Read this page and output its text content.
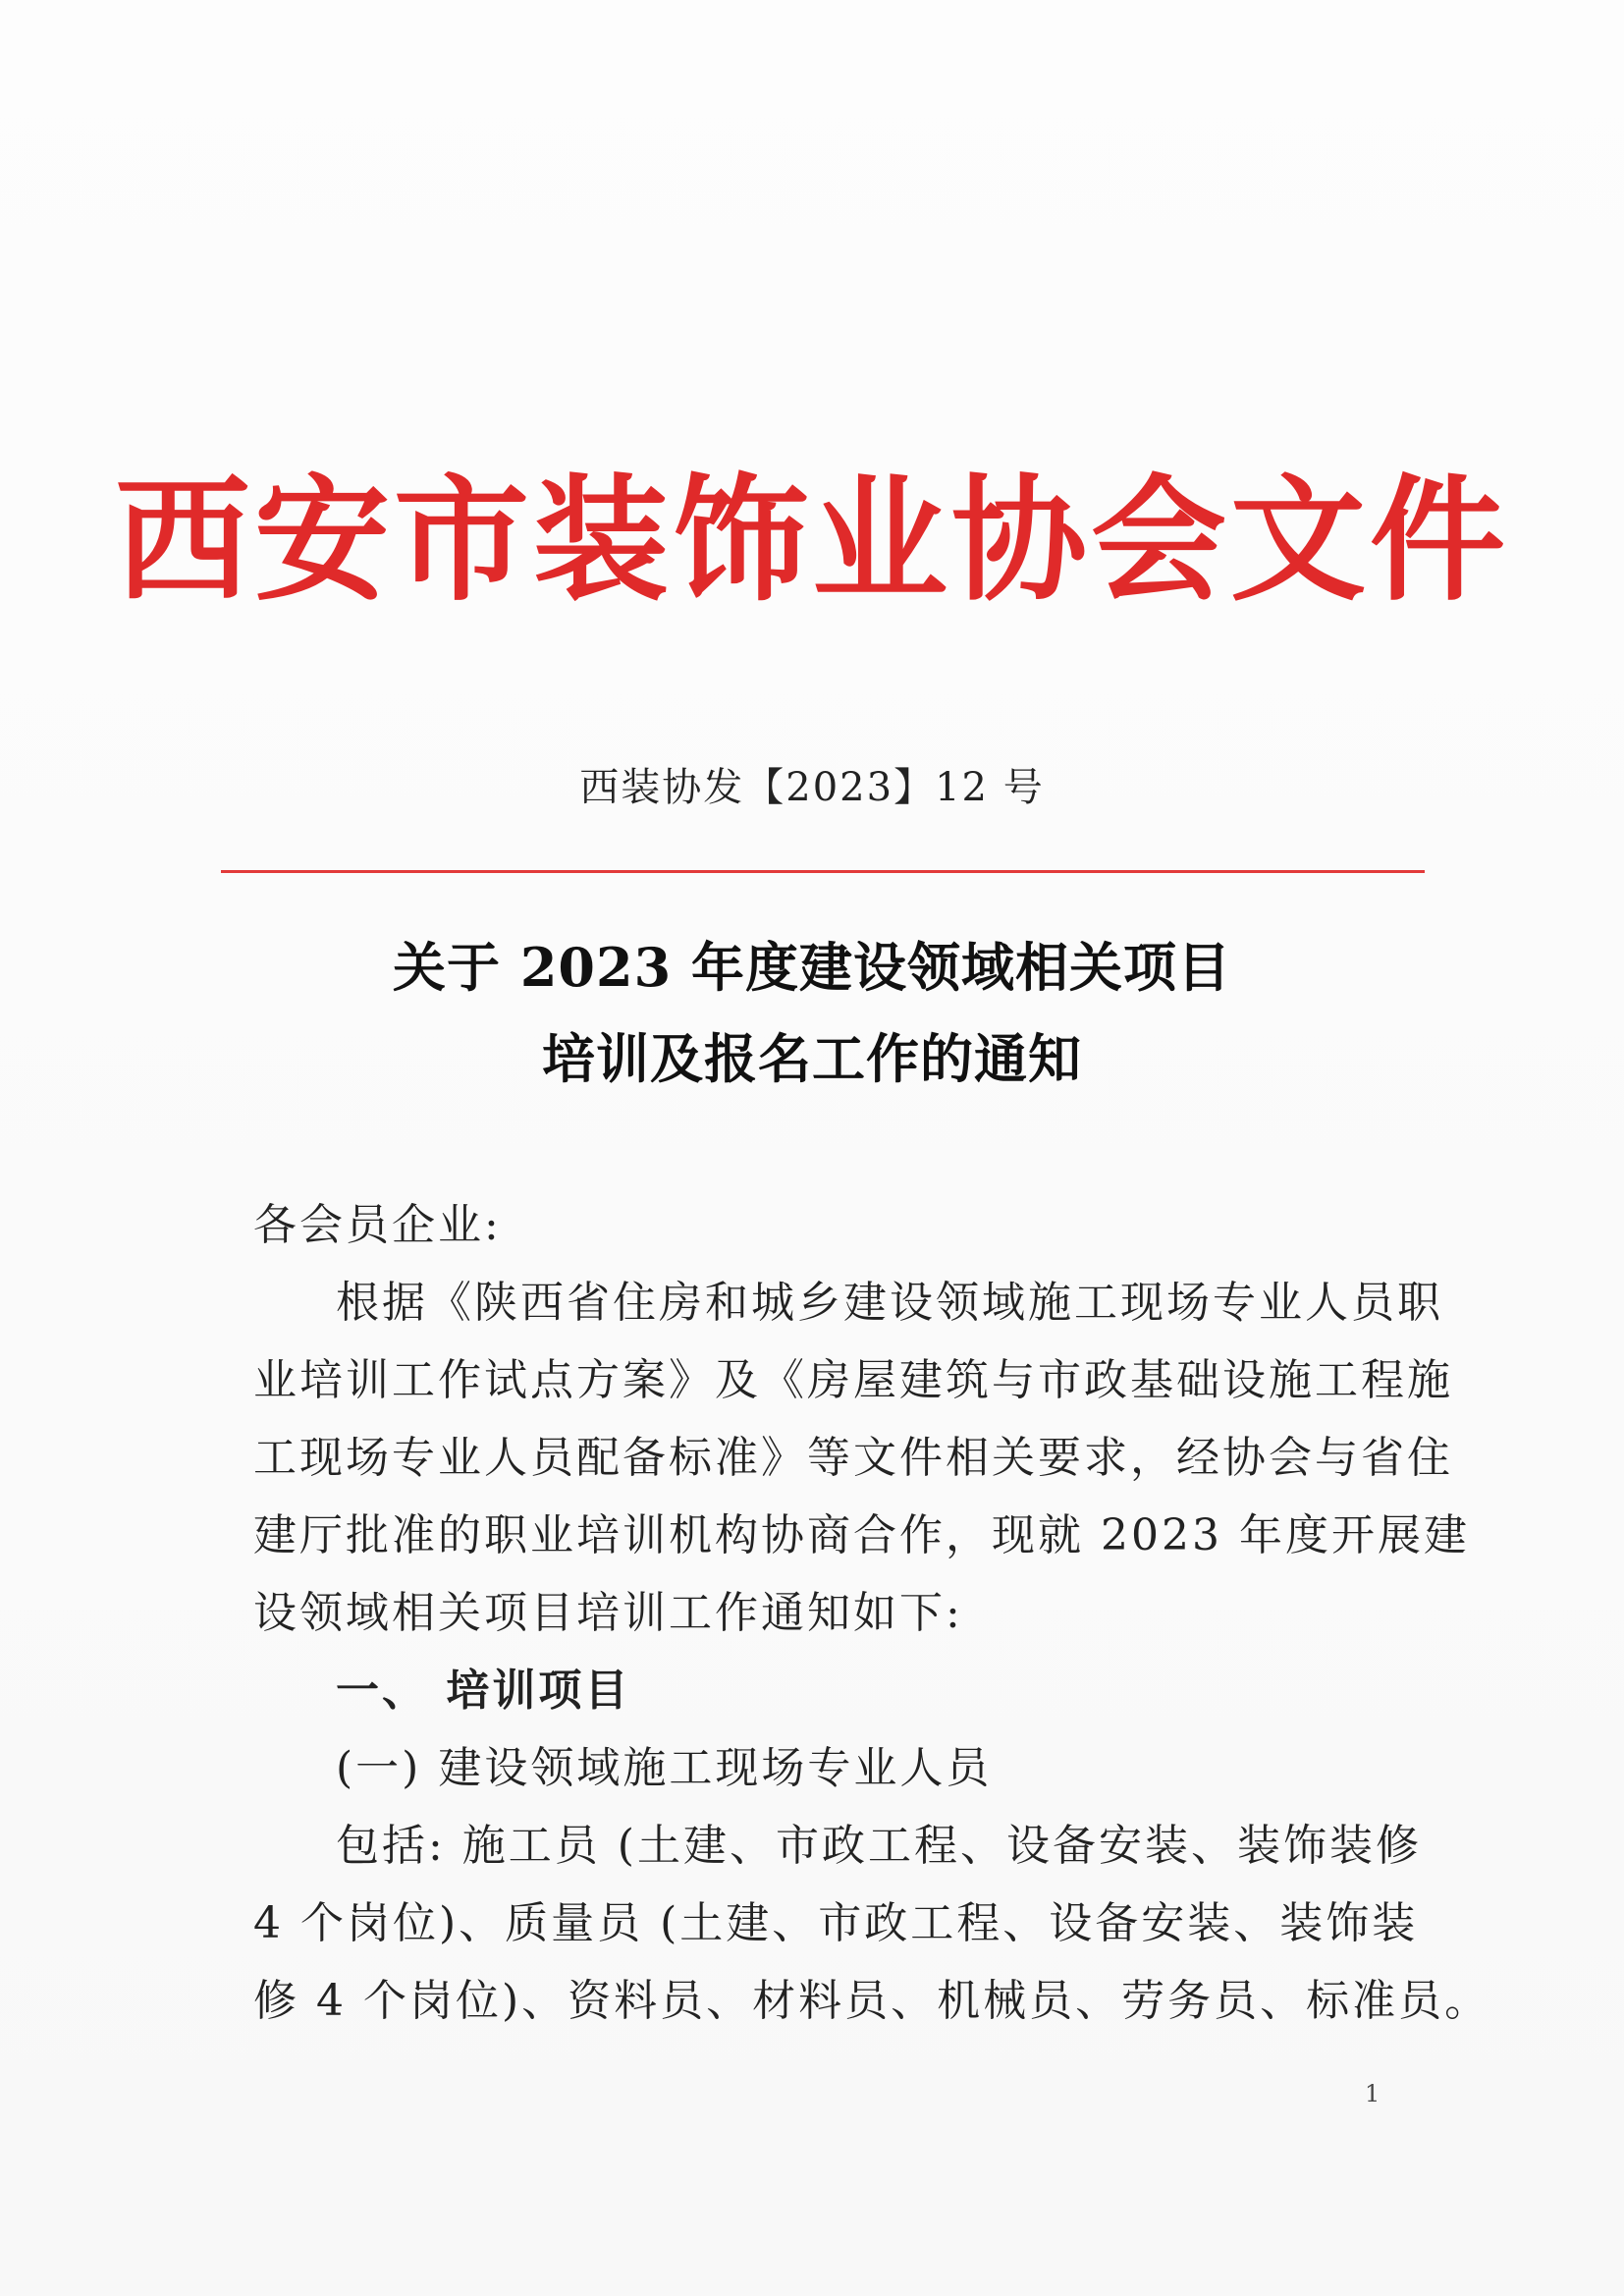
西安市装饰业协会文件
西装协发【2023】12 号
关于 2023 年度建设领域相关项目
培训及报名工作的通知
各会员企业:
根据《陕西省住房和城乡建设领域施工现场专业人员职
业培训工作试点方案》及《房屋建筑与市政基础设施工程施
工现场专业人员配备标准》等文件相关要求，经协会与省住
建厅批准的职业培训机构协商合作，现就 2023 年度开展建
设领域相关项目培训工作通知如下:
一、 培训项目
(一) 建设领域施工现场专业人员
包括: 施工员 (土建、市政工程、设备安装、装饰装修
4 个岗位)、质量员 (土建、市政工程、设备安装、装饰装
修 4 个岗位)、资料员、材料员、机械员、劳务员、标准员。
1
